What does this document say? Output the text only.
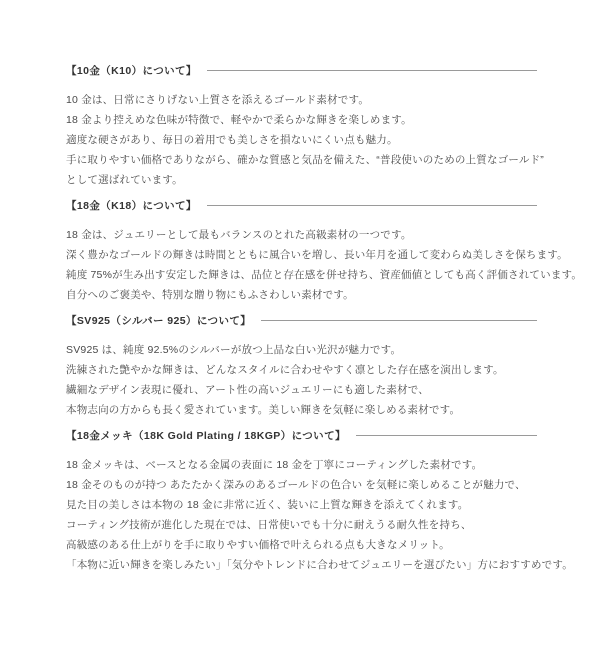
【10金（K10）について】

10 金は、日常にさりげない上質さを添えるゴールド素材です。

18 金より控えめな色味が特徴で、軽やかで柔らかな輝きを楽しめます。

適度な硬さがあり、毎日の着用でも美しさを損ないにくい点も魅力。

手に取りやすい価格でありながら、確かな質感と気品を備えた、“普段使いのための上質なゴールド”

として選ばれています。

【18金（K18）について】

18 金は、ジュエリーとして最もバランスのとれた高級素材の一つです。

深く豊かなゴールドの輝きは時間とともに風合いを増し、長い年月を通して変わらぬ美しさを保ちます。

純度 75%が生み出す安定した輝きは、品位と存在感を併せ持ち、資産価値としても高く評価されています。

自分へのご褒美や、特別な贈り物にもふさわしい素材です。

【SV925（シルバー 925）について】

SV925 は、純度 92.5%のシルバーが放つ上品な白い光沢が魅力です。

洗練された艶やかな輝きは、どんなスタイルに合わせやすく凛とした存在感を演出します。

繊細なデザイン表現に優れ、アート性の高いジュエリーにも適した素材で、

本物志向の方からも長く愛されています。美しい輝きを気軽に楽しめる素材です。

【18金メッキ（18K Gold Plating / 18KGP）について】

18 金メッキは、ベースとなる金属の表面に 18 金を丁寧にコーティングした素材です。

18 金そのものが持つ あたたかく深みのあるゴールドの色合い を気軽に楽しめることが魅力で、

見た目の美しさは本物の 18 金に非常に近く、装いに上質な輝きを添えてくれます。

コーティング技術が進化した現在では、日常使いでも十分に耐えうる耐久性を持ち、

高級感のある仕上がりを手に取りやすい価格で叶えられる点も大きなメリット。

「本物に近い輝きを楽しみたい」「気分やトレンドに合わせてジュエリーを選びたい」方におすすめです。
